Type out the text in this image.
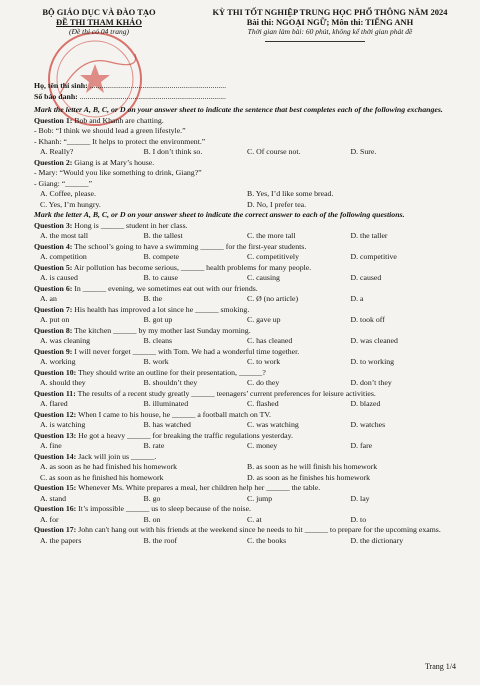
BỘ GIÁO DỤC VÀ ĐÀO TẠO
ĐỀ THI THAM KHẢO
(Đề thi có 04 trang)
KỲ THI TỐT NGHIỆP TRUNG HỌC PHỔ THÔNG NĂM 2024
Bài thi: NGOẠI NGỮ; Môn thi: TIẾNG ANH
Thời gian làm bài: 60 phút, không kể thời gian phát đề
Họ, tên thí sinh: ......................................................................
Số báo danh: ...........................................................................
Mark the letter A, B, C, or D on your answer sheet to indicate the sentence that best completes each of the following exchanges.
Question 1: Bob and Khanh are chatting.
- Bob: “I think we should lead a green lifestyle.”
- Khanh: “______ It helps to protect the environment.”
A. Really?	B. I don’t think so.	C. Of course not.	D. Sure.
Question 2: Giang is at Mary’s house.
- Mary: “Would you like something to drink, Giang?”
- Giang: “______”
A. Coffee, please.	B. Yes, I’d like some bread.
C. Yes, I’m hungry.	D. No, I prefer tea.
Mark the letter A, B, C, or D on your answer sheet to indicate the correct answer to each of the following questions.
Question 3: Hong is ______ student in her class.
A. the most tall	B. the tallest	C. the more tall	D. the taller
Question 4: The school’s going to have a swimming ______ for the first-year students.
A. competition	B. compete	C. competitively	D. competitive
Question 5: Air pollution has become serious, ______ health problems for many people.
A. is caused	B. to cause	C. causing	D. caused
Question 6: In ______ evening, we sometimes eat out with our friends.
A. an	B. the	C. Ø (no article)	D. a
Question 7: His health has improved a lot since he ______ smoking.
A. put on	B. got up	C. gave up	D. took off
Question 8: The kitchen ______ by my mother last Sunday morning.
A. was cleaning	B. cleans	C. has cleaned	D. was cleaned
Question 9: I will never forget ______ with Tom. We had a wonderful time together.
A. working	B. work	C. to work	D. to working
Question 10: They should write an outline for their presentation, ______?
A. should they	B. shouldn’t they	C. do they	D. don’t they
Question 11: The results of a recent study greatly ______ teenagers’ current preferences for leisure activities.
A. flared	B. illuminated	C. flashed	D. blazed
Question 12: When I came to his house, he ______ a football match on TV.
A. is watching	B. has watched	C. was watching	D. watches
Question 13: He got a heavy ______ for breaking the traffic regulations yesterday.
A. fine	B. rate	C. money	D. fare
Question 14: Jack will join us ______.
A. as soon as he had finished his homework	B. as soon as he will finish his homework
C. as soon as he finished his homework	D. as soon as he finishes his homework
Question 15: Whenever Ms. White prepares a meal, her children help her ______ the table.
A. stand	B. go	C. jump	D. lay
Question 16: It’s impossible ______ us to sleep because of the noise.
A. for	B. on	C. at	D. to
Question 17: John can't hang out with his friends at the weekend since he needs to hit ______ to prepare for the upcoming exams.
A. the papers	B. the roof	C. the books	D. the dictionary
Trang 1/4
